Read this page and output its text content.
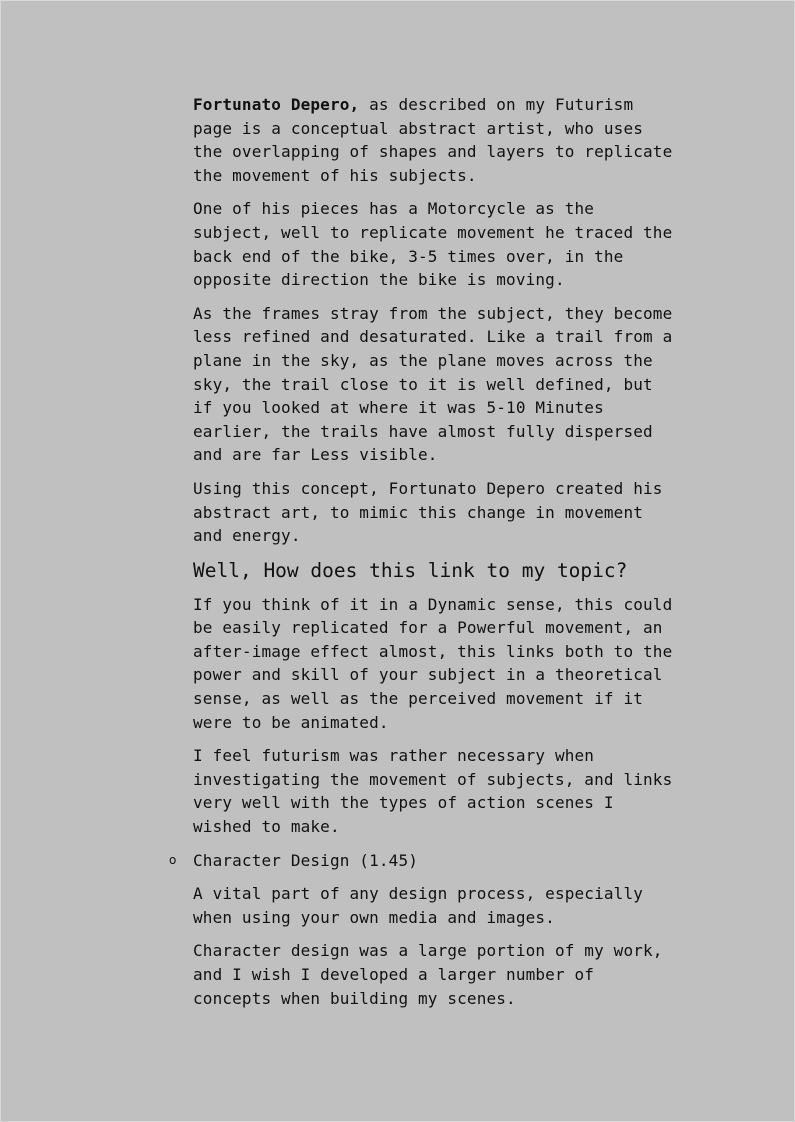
Fortunato Depero, as described on my Futurism
page is a conceptual abstract artist, who uses
the overlapping of shapes and layers to replicate
the movement of his subjects.

One of his pieces has a Motorcycle as the
subject, well to replicate movement he traced the
back end of the bike, 3-5 times over, in the
opposite direction the bike is moving.

As the frames stray from the subject, they become
less refined and desaturated. Like a trail from a
plane in the sky, as the plane moves across the
sky, the trail close to it is well defined, but
if you looked at where it was 5-10 Minutes
earlier, the trails have almost fully dispersed
and are far Less visible.

Using this concept, Fortunato Depero created his
abstract art, to mimic this change in movement
and energy.

Well, How does this link to my topic?

If you think of it in a Dynamic sense, this could
be easily replicated for a Powerful movement, an
after-image effect almost, this links both to the
power and skill of your subject in a theoretical
sense, as well as the perceived movement if it
were to be animated.

I feel futurism was rather necessary when
investigating the movement of subjects, and links
very well with the types of action scenes I
wished to make.

o Character Design (1.45)

A vital part of any design process, especially
when using your own media and images.

Character design was a large portion of my work,
and I wish I developed a larger number of
concepts when building my scenes.
